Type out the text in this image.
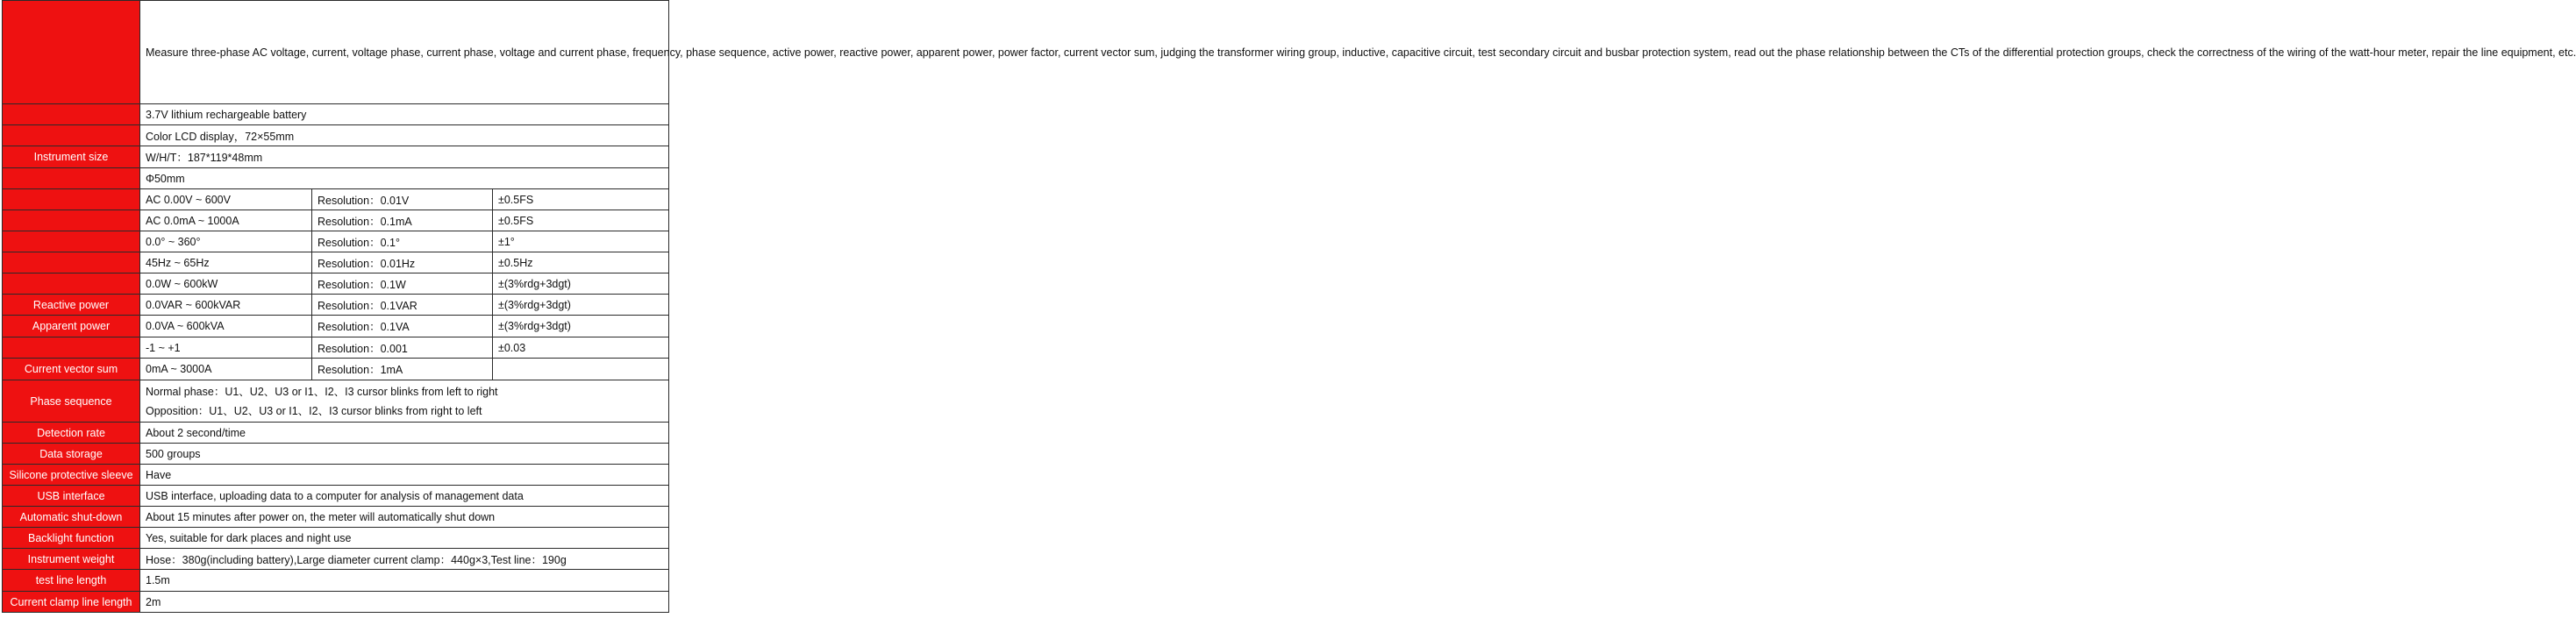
	Measure three-phase AC voltage, current, voltage phase, current phase, voltage and current phase, frequency, phase sequence, active power, reactive power, apparent power, power factor, current vector sum, judging the transformer wiring group, inductive, capacitive circuit, test secondary circuit and busbar protection system, read out the phase relationship between the CTs of the differential protection groups, check the correctness of the wiring of the watt-hour meter, repair the line equipment, etc.		
	3.7V lithium rechargeable battery		
	Color LCD display，72×55mm		
Instrument size	W/H/T：187*119*48mm		
	Φ50mm		
	AC 0.00V ~ 600V	Resolution：0.01V	±0.5FS
	AC 0.0mA ~ 1000A	Resolution：0.1mA	±0.5FS
	0.0° ~ 360°	Resolution：0.1°	±1°
	45Hz ~ 65Hz	Resolution：0.01Hz	±0.5Hz
	0.0W ~ 600kW	Resolution：0.1W	±(3%rdg+3dgt)
Reactive power	0.0VAR ~ 600kVAR	Resolution：0.1VAR	±(3%rdg+3dgt)
Apparent power	0.0VA ~ 600kVA	Resolution：0.1VA	±(3%rdg+3dgt)
	-1 ~ +1	Resolution：0.001	±0.03
Current vector sum	0mA ~ 3000A	Resolution：1mA	
Phase sequence	Normal phase：U1、U2、U3 or I1、I2、I3 cursor blinks from left to right
Opposition：U1、U2、U3 or I1、I2、I3 cursor blinks from right to left		

Detection rate	About 2 second/time		
Data storage	500 groups		
Silicone protective sleeve	Have		
USB interface	USB interface, uploading data to a computer for analysis of management data		
Automatic shut-down	About 15 minutes after power on, the meter will automatically shut down		
Backlight function	Yes, suitable for dark places and night use		
Instrument weight	Hose：380g(including battery),Large diameter current clamp：440g×3,Test line：190g		
test line length	1.5m		
Current clamp line length	2m		
